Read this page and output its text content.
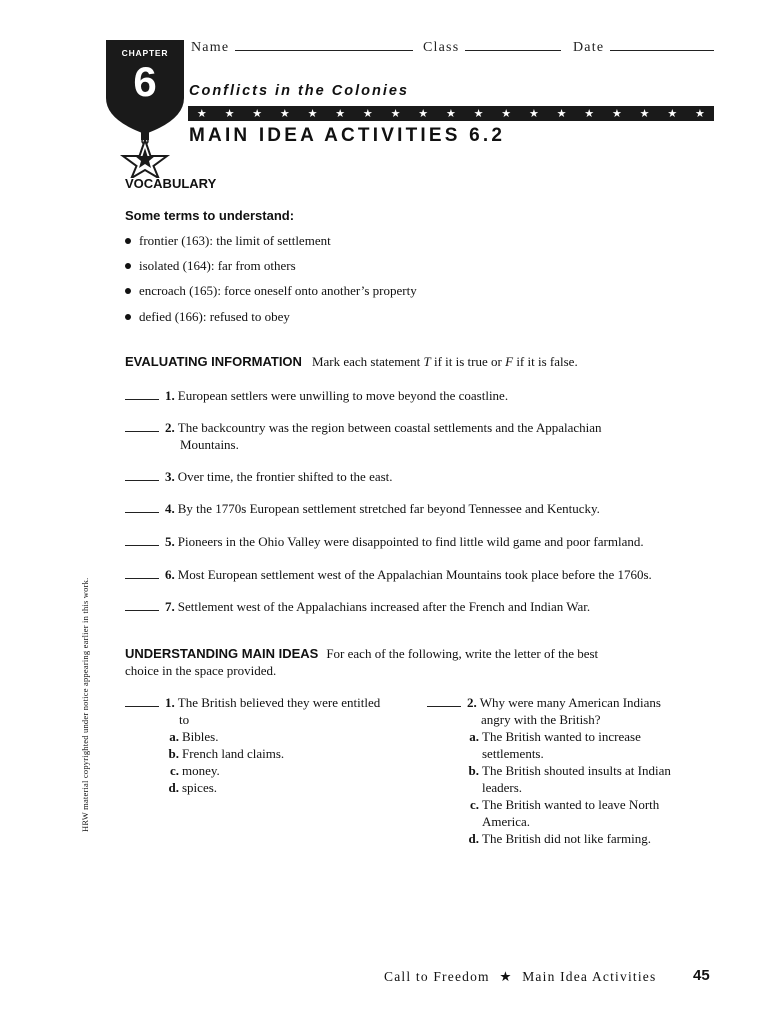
CHAPTER
6
Name	Class	Date
Conflicts in the Colonies
★ ★ ★ ★ ★ ★ ★ ★ ★ ★ ★ ★ ★ ★ ★ ★ ★ ★ ★
MAIN IDEA ACTIVITIES 6.2
VOCABULARY
Some terms to understand:
frontier (163): the limit of settlement
isolated (164): far from others
encroach (165): force oneself onto another’s property
defied (166): refused to obey
EVALUATING INFORMATION Mark each statement T if it is true or F if it is false.
1. European settlers were unwilling to move beyond the coastline.
2. The backcountry was the region between coastal settlements and the Appalachian
Mountains.
3. Over time, the frontier shifted to the east.
4. By the 1770s European settlement stretched far beyond Tennessee and Kentucky.
5. Pioneers in the Ohio Valley were disappointed to find little wild game and poor farmland.
6. Most European settlement west of the Appalachian Mountains took place before the 1760s.
7. Settlement west of the Appalachians increased after the French and Indian War.
UNDERSTANDING MAIN IDEAS For each of the following, write the letter of the best
choice in the space provided.
1. The British believed they were entitled
to
a. Bibles.
b. French land claims.
c. money.
d. spices.
2. Why were many American Indians
angry with the British?
a. The British wanted to increase
settlements.
b. The British shouted insults at Indian
leaders.
c. The British wanted to leave North
America.
d. The British did not like farming.
HRW material copyrighted under notice appearing earlier in this work.
Call to Freedom ★ Main Idea Activities 45
